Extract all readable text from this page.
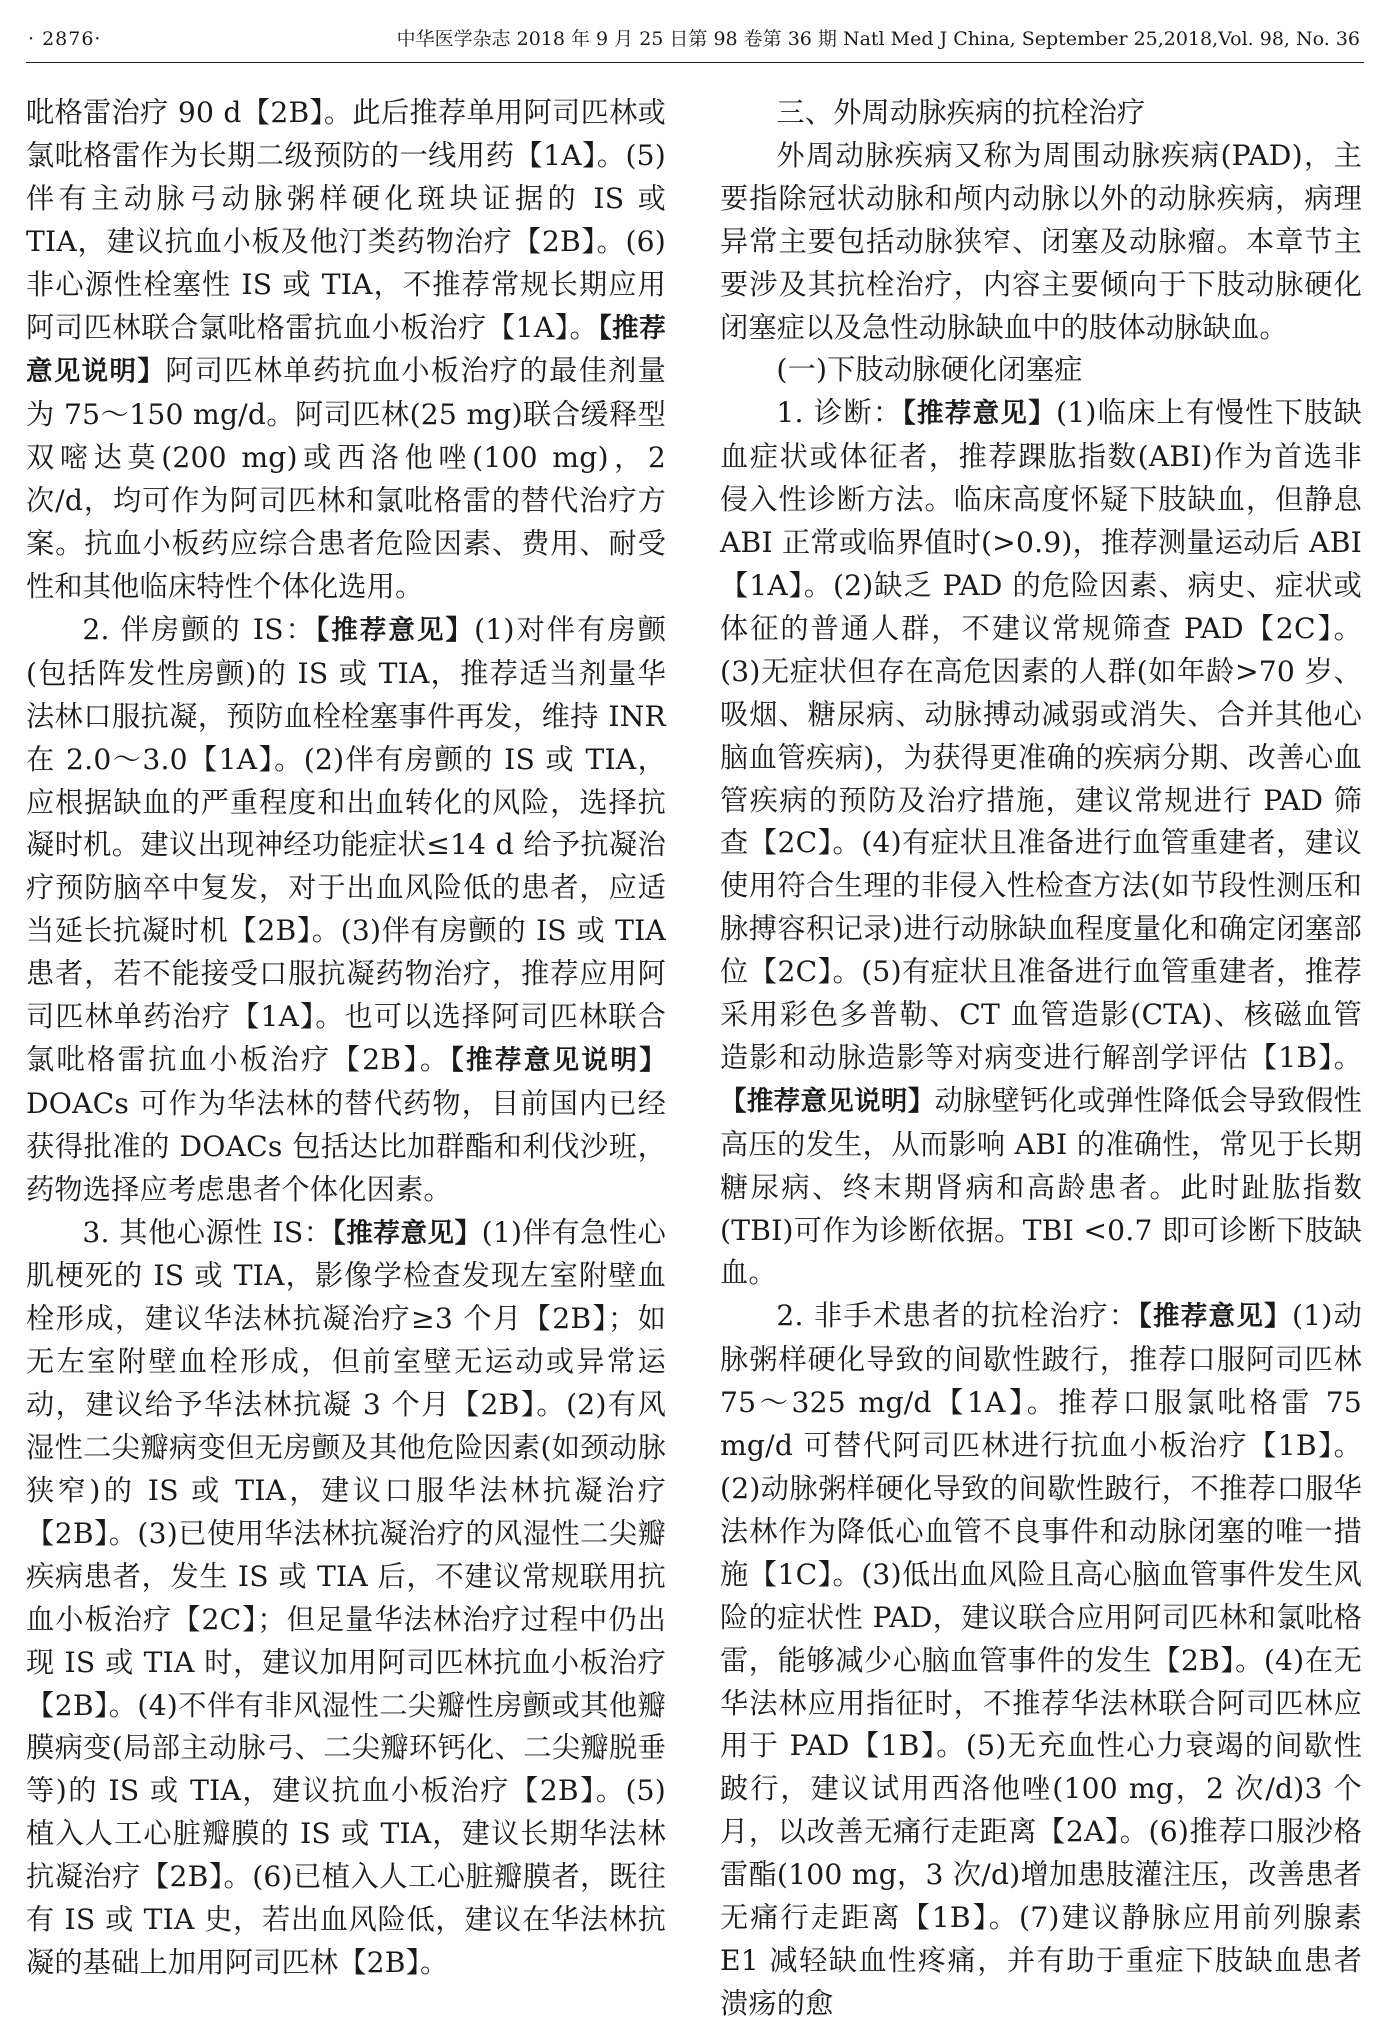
· 2876·	中华医学杂志 2018 年 9 月 25 日第 98 卷第 36 期 Natl Med J China, September 25,2018,Vol. 98, No. 36

吡格雷治疗 90 d【2B】。此后推荐单用阿司匹林或氯吡格雷作为长期二级预防的一线用药【1A】。(5)伴有主动脉弓动脉粥样硬化斑块证据的 IS 或 TIA，建议抗血小板及他汀类药物治疗【2B】。(6)非心源性栓塞性 IS 或 TIA，不推荐常规长期应用阿司匹林联合氯吡格雷抗血小板治疗【1A】。【推荐意见说明】阿司匹林单药抗血小板治疗的最佳剂量为 75～150 mg/d。阿司匹林(25 mg)联合缓释型双嘧达莫(200 mg)或西洛他唑(100 mg)，2 次/d，均可作为阿司匹林和氯吡格雷的替代治疗方案。抗血小板药应综合患者危险因素、费用、耐受性和其他临床特性个体化选用。

2. 伴房颤的 IS：【推荐意见】(1)对伴有房颤(包括阵发性房颤)的 IS 或 TIA，推荐适当剂量华法林口服抗凝，预防血栓栓塞事件再发，维持 INR 在 2.0～3.0【1A】。(2)伴有房颤的 IS 或 TIA，应根据缺血的严重程度和出血转化的风险，选择抗凝时机。建议出现神经功能症状≤14 d 给予抗凝治疗预防脑卒中复发，对于出血风险低的患者，应适当延长抗凝时机【2B】。(3)伴有房颤的 IS 或 TIA 患者，若不能接受口服抗凝药物治疗，推荐应用阿司匹林单药治疗【1A】。也可以选择阿司匹林联合氯吡格雷抗血小板治疗【2B】。【推荐意见说明】DOACs 可作为华法林的替代药物，目前国内已经获得批准的 DOACs 包括达比加群酯和利伐沙班，药物选择应考虑患者个体化因素。

3. 其他心源性 IS：【推荐意见】(1)伴有急性心肌梗死的 IS 或 TIA，影像学检查发现左室附壁血栓形成，建议华法林抗凝治疗≥3 个月【2B】；如无左室附壁血栓形成，但前室壁无运动或异常运动，建议给予华法林抗凝 3 个月【2B】。(2)有风湿性二尖瓣病变但无房颤及其他危险因素(如颈动脉狭窄)的 IS 或 TIA，建议口服华法林抗凝治疗【2B】。(3)已使用华法林抗凝治疗的风湿性二尖瓣疾病患者，发生 IS 或 TIA 后，不建议常规联用抗血小板治疗【2C】；但足量华法林治疗过程中仍出现 IS 或 TIA 时，建议加用阿司匹林抗血小板治疗【2B】。(4)不伴有非风湿性二尖瓣性房颤或其他瓣膜病变(局部主动脉弓、二尖瓣环钙化、二尖瓣脱垂等)的 IS 或 TIA，建议抗血小板治疗【2B】。(5)植入人工心脏瓣膜的 IS 或 TIA，建议长期华法林抗凝治疗【2B】。(6)已植入人工心脏瓣膜者，既往有 IS 或 TIA 史，若出血风险低，建议在华法林抗凝的基础上加用阿司匹林【2B】。

三、外周动脉疾病的抗栓治疗

外周动脉疾病又称为周围动脉疾病(PAD)，主要指除冠状动脉和颅内动脉以外的动脉疾病，病理异常主要包括动脉狭窄、闭塞及动脉瘤。本章节主要涉及其抗栓治疗，内容主要倾向于下肢动脉硬化闭塞症以及急性动脉缺血中的肢体动脉缺血。

(一)下肢动脉硬化闭塞症

1. 诊断：【推荐意见】(1)临床上有慢性下肢缺血症状或体征者，推荐踝肱指数(ABI)作为首选非侵入性诊断方法。临床高度怀疑下肢缺血，但静息 ABI 正常或临界值时(>0.9)，推荐测量运动后 ABI【1A】。(2)缺乏 PAD 的危险因素、病史、症状或体征的普通人群，不建议常规筛查 PAD【2C】。(3)无症状但存在高危因素的人群(如年龄>70 岁、吸烟、糖尿病、动脉搏动减弱或消失、合并其他心脑血管疾病)，为获得更准确的疾病分期、改善心血管疾病的预防及治疗措施，建议常规进行 PAD 筛查【2C】。(4)有症状且准备进行血管重建者，建议使用符合生理的非侵入性检查方法(如节段性测压和脉搏容积记录)进行动脉缺血程度量化和确定闭塞部位【2C】。(5)有症状且准备进行血管重建者，推荐采用彩色多普勒、CT 血管造影(CTA)、核磁血管造影和动脉造影等对病变进行解剖学评估【1B】。【推荐意见说明】动脉壁钙化或弹性降低会导致假性高压的发生，从而影响 ABI 的准确性，常见于长期糖尿病、终末期肾病和高龄患者。此时趾肱指数(TBI)可作为诊断依据。TBI <0.7 即可诊断下肢缺血。

2. 非手术患者的抗栓治疗：【推荐意见】(1)动脉粥样硬化导致的间歇性跛行，推荐口服阿司匹林 75～325 mg/d【1A】。推荐口服氯吡格雷 75 mg/d 可替代阿司匹林进行抗血小板治疗【1B】。(2)动脉粥样硬化导致的间歇性跛行，不推荐口服华法林作为降低心血管不良事件和动脉闭塞的唯一措施【1C】。(3)低出血风险且高心脑血管事件发生风险的症状性 PAD，建议联合应用阿司匹林和氯吡格雷，能够减少心脑血管事件的发生【2B】。(4)在无华法林应用指征时，不推荐华法林联合阿司匹林应用于 PAD【1B】。(5)无充血性心力衰竭的间歇性跛行，建议试用西洛他唑(100 mg，2 次/d)3 个月，以改善无痛行走距离【2A】。(6)推荐口服沙格雷酯(100 mg，3 次/d)增加患肢灌注压，改善患者无痛行走距离【1B】。(7)建议静脉应用前列腺素 E1 减轻缺血性疼痛，并有助于重症下肢缺血患者溃疡的愈
